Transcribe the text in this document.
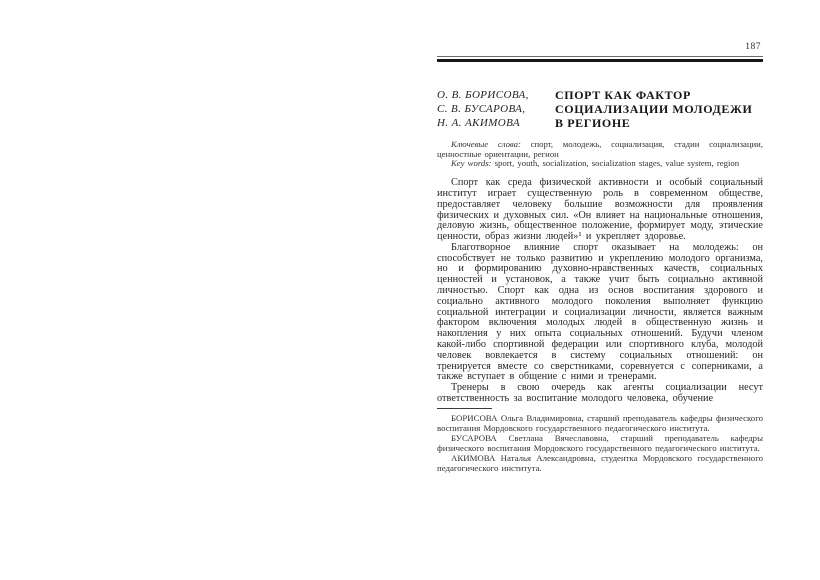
187
О. В. БОРИСОВА,
С. В. БУСАРОВА,
Н. А. АКИМОВА
СПОРТ КАК ФАКТОР
СОЦИАЛИЗАЦИИ МОЛОДЕЖИ
В РЕГИОНЕ
Ключевые слова: спорт, молодежь, социализация, стадии социализации, ценностные ориентации, регион
Key words: sport, youth, socialization, socialization stages, value system, region

Спорт как среда физической активности и особый социальный институт играет существенную роль в современном обществе, предоставляет человеку большие возможности для проявления физических и духовных сил. «Он влияет на национальные отношения, деловую жизнь, общественное положение, формирует моду, этические ценности, образ жизни людей»¹ и укрепляет здоровье.

Благотворное влияние спорт оказывает на молодежь: он способствует не только развитию и укреплению молодого организма, но и формированию духовно-нравственных качеств, социальных ценностей и установок, а также учит быть социально активной личностью. Спорт как одна из основ воспитания здорового и социально активного молодого поколения выполняет функцию социальной интеграции и социализации личности, является важным фактором включения молодых людей в общественную жизнь и накопления у них опыта социальных отношений. Будучи членом какой-либо спортивной федерации или спортивного клуба, молодой человек вовлекается в систему социальных отношений: он тренируется вместе со сверстниками, соревнуется с соперниками, а также вступает в общение с ними и тренерами.

Тренеры в свою очередь как агенты социализации несут ответственность за воспитание молодого человека, обучение

БОРИСОВА Ольга Владимировна, старший преподаватель кафедры физического воспитания Мордовского государственного педагогического института.

БУСАРОВА Светлана Вячеславовна, старший преподаватель кафедры физического воспитания Мордовского государственного педагогического института.

АКИМОВА Наталья Александровна, студентка Мордовского государственного педагогического института.
